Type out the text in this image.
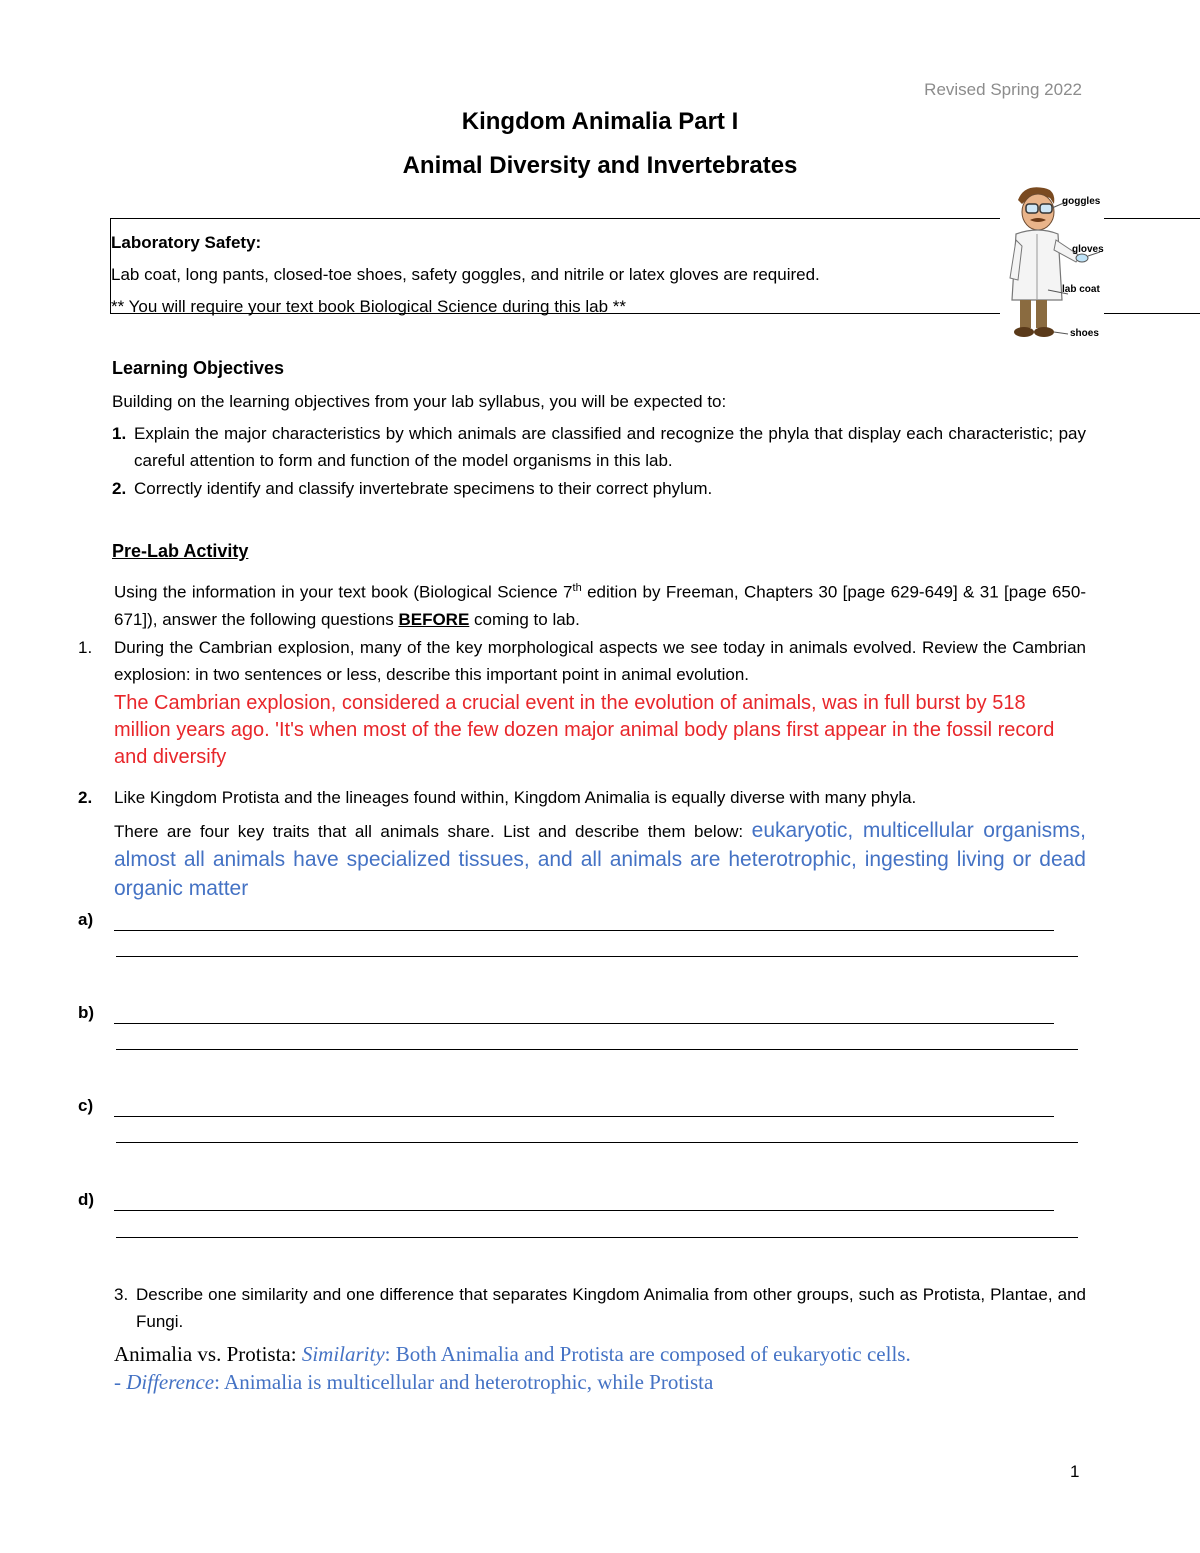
Revised Spring 2022
Kingdom Animalia Part I
Animal Diversity and Invertebrates
Laboratory Safety:
Lab coat, long pants, closed-toe shoes, safety goggles, and nitrile or latex gloves are required.
** You will require your text book Biological Science during this lab **
goggles
gloves
lab coat
shoes
Learning Objectives
Building on the learning objectives from your lab syllabus, you will be expected to:
1. Explain the major characteristics by which animals are classified and recognize the phyla that display each characteristic; pay careful attention to form and function of the model organisms in this lab.
2. Correctly identify and classify invertebrate specimens to their correct phylum.
Pre-Lab Activity
Using the information in your text book (Biological Science 7th edition by Freeman, Chapters 30 [page 629-649] & 31 [page 650-671]), answer the following questions BEFORE coming to lab.
1. During the Cambrian explosion, many of the key morphological aspects we see today in animals evolved. Review the Cambrian explosion: in two sentences or less, describe this important point in animal evolution.
The Cambrian explosion, considered a crucial event in the evolution of animals, was in full burst by 518 million years ago. 'It's when most of the few dozen major animal body plans first appear in the fossil record and diversify
2. Like Kingdom Protista and the lineages found within, Kingdom Animalia is equally diverse with many phyla.
There are four key traits that all animals share. List and describe them below: eukaryotic, multicellular organisms, almost all animals have specialized tissues, and all animals are heterotrophic, ingesting living or dead organic matter
a)
b)
c)
d)
3. Describe one similarity and one difference that separates Kingdom Animalia from other groups, such as Protista, Plantae, and Fungi.
Animalia vs. Protista: Similarity: Both Animalia and Protista are composed of eukaryotic cells.
- Difference: Animalia is multicellular and heterotrophic, while Protista
1
